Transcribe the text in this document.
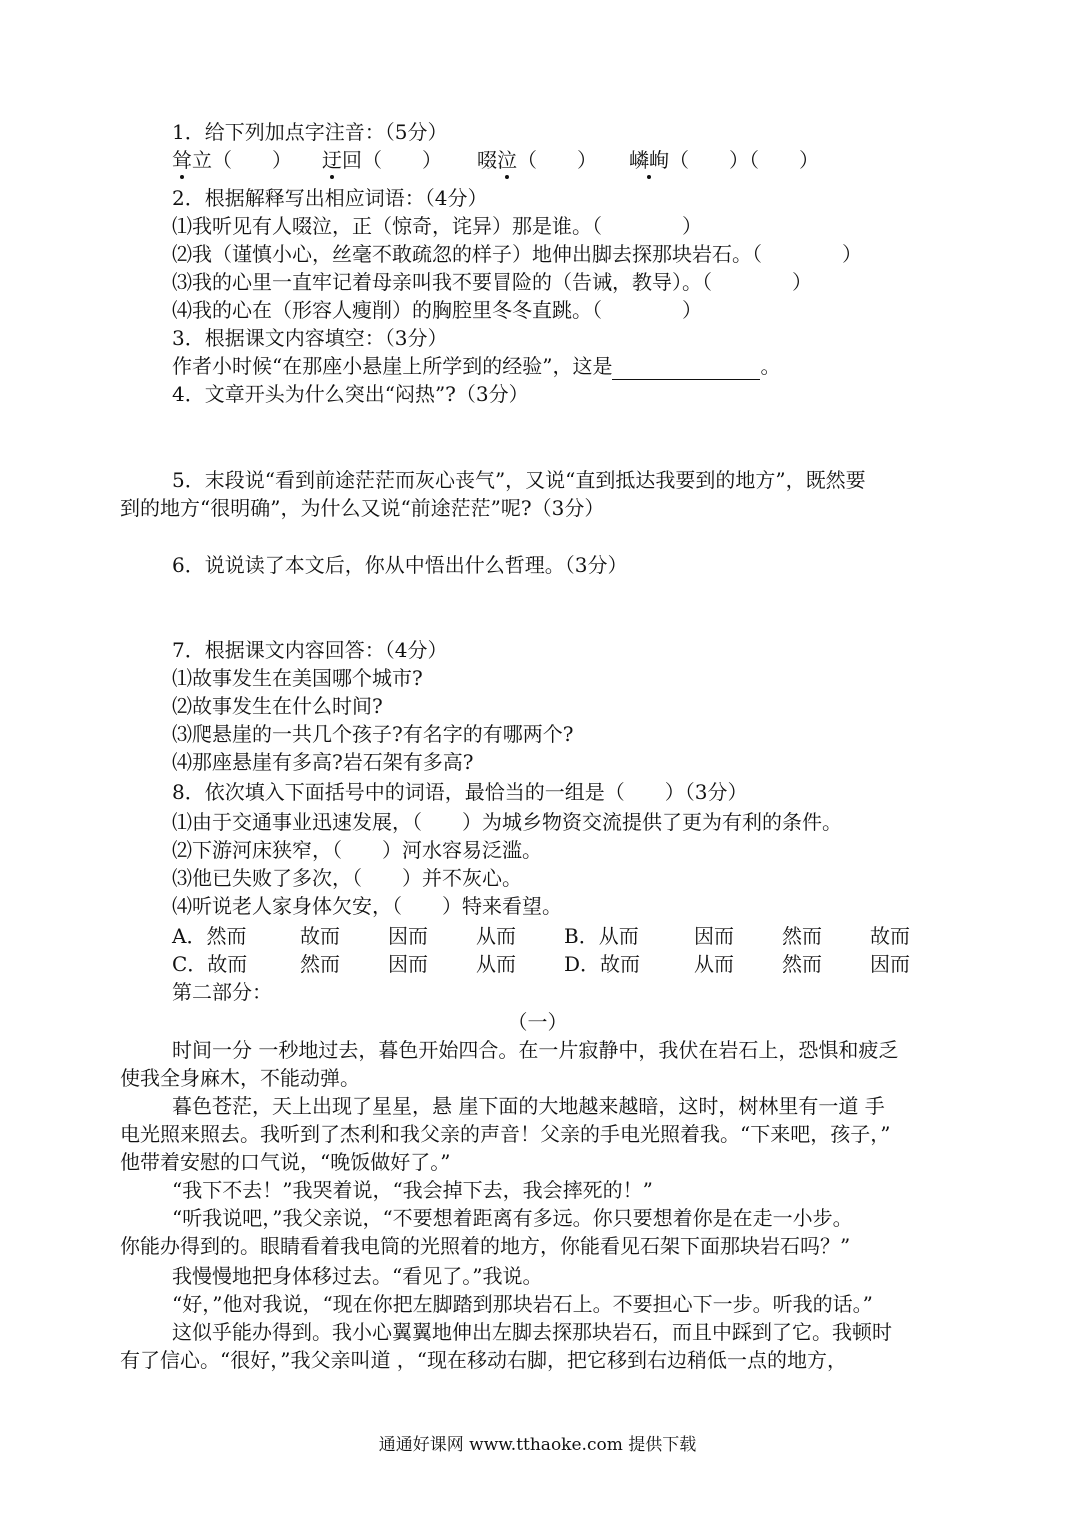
1．给下列加点字注音：（5分）
耸立（　　） 迂回（　　） 啜泣（　　） 嶙峋（　　）（　　）
2．根据解释写出相应词语：（4分）
⑴我听见有人啜泣，正（惊奇，诧异）那是谁。（　　　　）
⑵我（谨慎小心，丝毫不敢疏忽的样子）地伸出脚去探那块岩石。（　　　　）
⑶我的心里一直牢记着母亲叫我不要冒险的（告诫，教导）。（　　　　）
⑷我的心在（形容人瘦削）的胸腔里冬冬直跳。（　　　　）
3．根据课文内容填空：（3分）
作者小时候“在那座小悬崖上所学到的经验”，这是	。
4．文章开头为什么突出“闷热”?（3分）
5．末段说“看到前途茫茫而灰心丧气”，又说“直到抵达我要到的地方”，既然要
到的地方“很明确”，为什么又说“前途茫茫”呢?（3分）
6．说说读了本文后，你从中悟出什么哲理。（3分）
7．根据课文内容回答：（4分）
⑴故事发生在美国哪个城市?
⑵故事发生在什么时间?
⑶爬悬崖的一共几个孩子?有名字的有哪两个?
⑷那座悬崖有多高?岩石架有多高?
8．依次填入下面括号中的词语，最恰当的一组是（　　）（3分）
⑴由于交通事业迅速发展，（　　）为城乡物资交流提供了更为有利的条件。
⑵下游河床狭窄，（　　）河水容易泛滥。
⑶他已失败了多次，（　　）并不灰心。
⑷听说老人家身体欠安，（　　）特来看望。
A．然而	故而 因而 从而 B．从而	因而 然而 故而
C．故而	然而 因而 从而 D．故而	从而 然而 因而
第二部分：
（一）
时间一分 一秒地过去，暮色开始四合。在一片寂静中，我伏在岩石上，恐惧和疲乏
使我全身麻木，不能动弹。
暮色苍茫，天上出现了星星，悬 崖下面的大地越来越暗，这时，树林里有一道 手
电光照来照去。我听到了杰利和我父亲的声音！父亲的手电光照着我。“下来吧，孩子，”
他带着安慰的口气说，“晚饭做好了。”
“我下不去！”我哭着说，“我会掉下去，我会摔死的！”
“听我说吧，”我父亲说，“不要想着距离有多远。你只要想着你是在走一小步。
你能办得到的。眼睛看着我电筒的光照着的地方，你能看见石架下面那块岩石吗？”
我慢慢地把身体移过去。“看见了。”我说。
“好，”他对我说，“现在你把左脚踏到那块岩石上。不要担心下一步。听我的话。”
这似乎能办得到。我小心翼翼地伸出左脚去探那块岩石，而且中踩到了它。我顿时
有了信心。“很好，”我父亲叫道 ，“现在移动右脚，把它移到右边稍低一点的地方，
通通好课网 www.tthaoke.com 提供下载
